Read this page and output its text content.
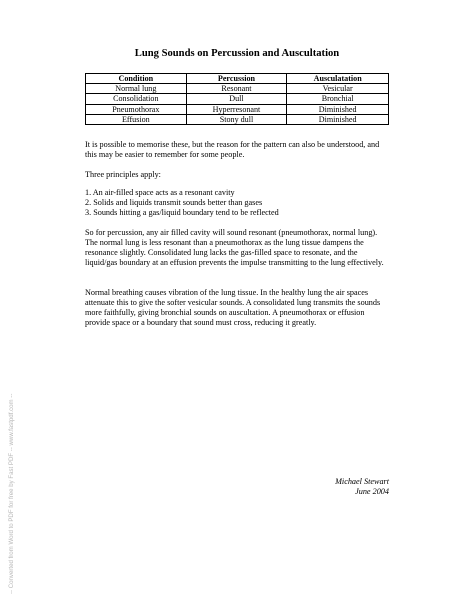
Lung Sounds on Percussion and Auscultation
Condition	Percussion	Ausculatation
Normal lung	Resonant	Vesicular
Consolidation	Dull	Bronchial
Pneumothorax	Hyperresonant	Diminished
Effusion	Stony dull	Diminished

It is possible to memorise these, but the reason for the pattern can also be understood, and this may be easier to remember for some people.

Three principles apply:

1. An air-filled space acts as a resonant cavity
2. Solids and liquids transmit sounds better than gases
3. Sounds hitting a gas/liquid boundary tend to be reflected

So for percussion, any air filled cavity will sound resonant (pneumothorax, normal lung). The normal lung is less resonant than a pneumothorax as the lung tissue dampens the resonance slightly. Consolidated lung lacks the gas-filled space to resonate, and the liquid/gas boundary at an effusion prevents the impulse transmitting to the lung effectively.

Normal breathing causes vibration of the lung tissue. In the healthy lung the air spaces attenuate this to give the softer vesicular sounds. A consolidated lung transmits the sounds more faithfully, giving bronchial sounds on auscultation. A pneumothorax or effusion provide space or a boundary that sound must cross, reducing it greatly.

Michael Stewart
June 2004
-- Converted from Word to PDF for free by Fast PDF -- www.fastpdf.com --
